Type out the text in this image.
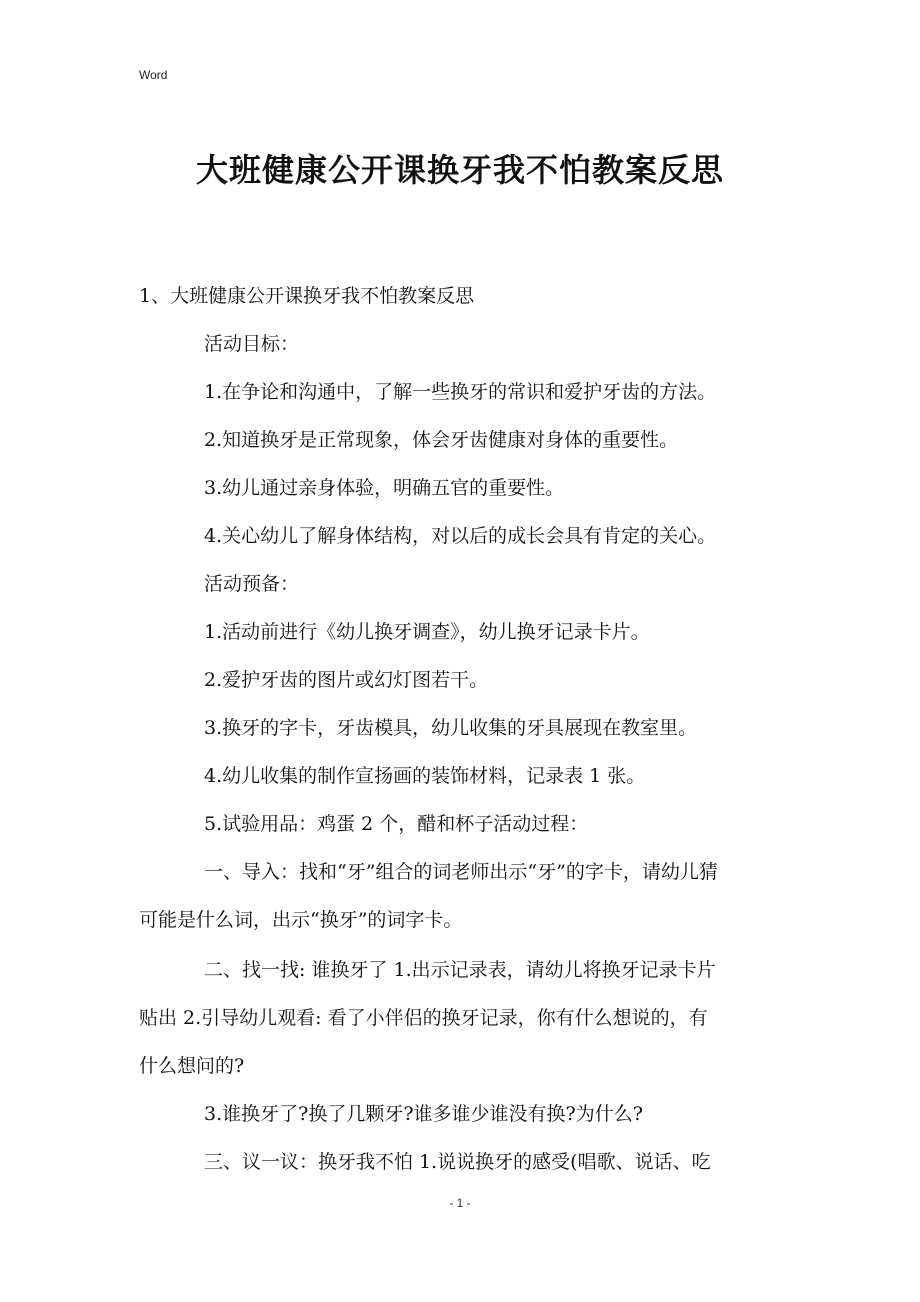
Word
大班健康公开课换牙我不怕教案反思
1、大班健康公开课换牙我不怕教案反思
活动目标：
1.在争论和沟通中，了解一些换牙的常识和爱护牙齿的方法。
2.知道换牙是正常现象，体会牙齿健康对身体的重要性。
3.幼儿通过亲身体验，明确五官的重要性。
4.关心幼儿了解身体结构，对以后的成长会具有肯定的关心。
活动预备：
1.活动前进行《幼儿换牙调查》，幼儿换牙记录卡片。
2.爱护牙齿的图片或幻灯图若干。
3.换牙的字卡，牙齿模具，幼儿收集的牙具展现在教室里。
4.幼儿收集的制作宣扬画的装饰材料，记录表 1 张。
5.试验用品：鸡蛋 2 个，醋和杯子活动过程：
一、导入：找和“牙”组合的词老师出示“牙”的字卡，请幼儿猜
可能是什么词，出示“换牙”的词字卡。
二、找一找: 谁换牙了 1.出示记录表，请幼儿将换牙记录卡片
贴出 2.引导幼儿观看: 看了小伴侣的换牙记录，你有什么想说的，有
什么想问的?
3.谁换牙了?换了几颗牙?谁多谁少谁没有换?为什么?
三、议一议：换牙我不怕 1.说说换牙的感受(唱歌、说话、吃
- 1 -
